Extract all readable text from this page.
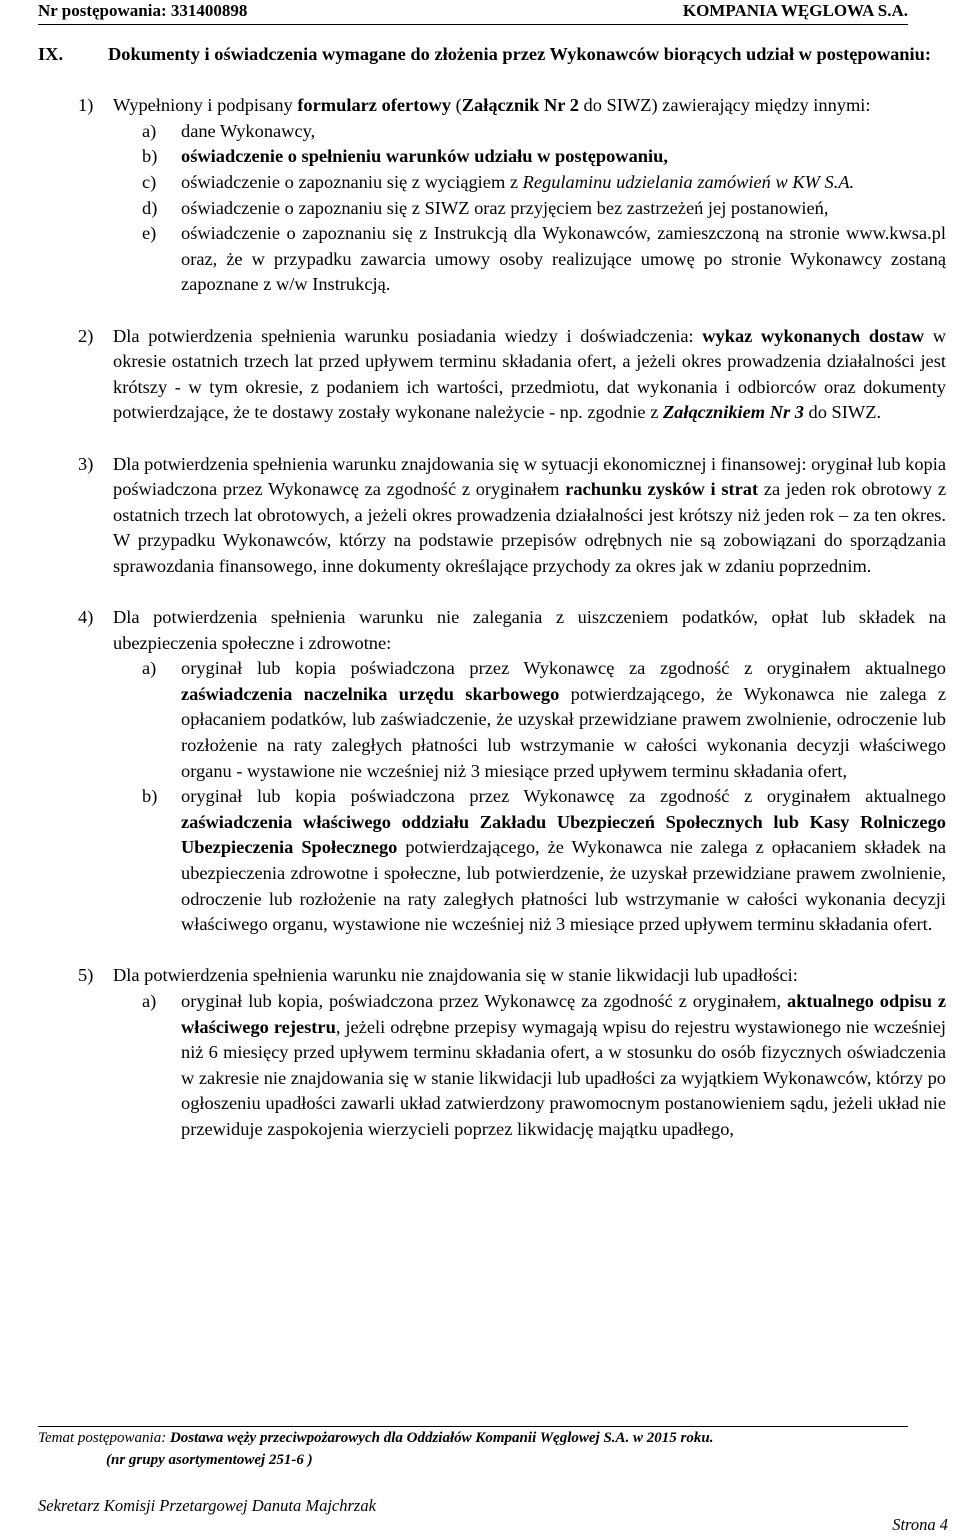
Nr postępowania: 331400898	KOMPANIA WĘGLOWA S.A.
IX. Dokumenty i oświadczenia wymagane do złożenia przez Wykonawców biorących udział w postępowaniu:
1) Wypełniony i podpisany formularz ofertowy (Załącznik Nr 2 do SIWZ) zawierający między innymi:
a) dane Wykonawcy,
b) oświadczenie o spełnieniu warunków udziału w postępowaniu,
c) oświadczenie o zapoznaniu się z wyciągiem z Regulaminu udzielania zamówień w KW S.A.
d) oświadczenie o zapoznaniu się z SIWZ oraz przyjęciem bez zastrzeżeń jej postanowień,
e) oświadczenie o zapoznaniu się z Instrukcją dla Wykonawców, zamieszczoną na stronie www.kwsa.pl oraz, że w przypadku zawarcia umowy osoby realizujące umowę po stronie Wykonawcy zostaną zapoznane z w/w Instrukcją.
2) Dla potwierdzenia spełnienia warunku posiadania wiedzy i doświadczenia: wykaz wykonanych dostaw w okresie ostatnich trzech lat przed upływem terminu składania ofert, a jeżeli okres prowadzenia działalności jest krótszy - w tym okresie, z podaniem ich wartości, przedmiotu, dat wykonania i odbiorców oraz dokumenty potwierdzające, że te dostawy zostały wykonane należycie - np. zgodnie z Załącznikiem Nr 3 do SIWZ.
3) Dla potwierdzenia spełnienia warunku znajdowania się w sytuacji ekonomicznej i finansowej: oryginał lub kopia poświadczona przez Wykonawcę za zgodność z oryginałem rachunku zysków i strat za jeden rok obrotowy z ostatnich trzech lat obrotowych, a jeżeli okres prowadzenia działalności jest krótszy niż jeden rok – za ten okres. W przypadku Wykonawców, którzy na podstawie przepisów odrębnych nie są zobowiązani do sporządzania sprawozdania finansowego, inne dokumenty określające przychody za okres jak w zdaniu poprzednim.
4) Dla potwierdzenia spełnienia warunku nie zalegania z uiszczeniem podatków, opłat lub składek na ubezpieczenia społeczne i zdrowotne:
a) oryginał lub kopia poświadczona przez Wykonawcę za zgodność z oryginałem aktualnego zaświadczenia naczelnika urzędu skarbowego potwierdzającego, że Wykonawca nie zalega z opłacaniem podatków, lub zaświadczenie, że uzyskał przewidziane prawem zwolnienie, odroczenie lub rozłożenie na raty zaległych płatności lub wstrzymanie w całości wykonania decyzji właściwego organu - wystawione nie wcześniej niż 3 miesiące przed upływem terminu składania ofert,
b) oryginał lub kopia poświadczona przez Wykonawcę za zgodność z oryginałem aktualnego zaświadczenia właściwego oddziału Zakładu Ubezpieczeń Społecznych lub Kasy Rolniczego Ubezpieczenia Społecznego potwierdzającego, że Wykonawca nie zalega z opłacaniem składek na ubezpieczenia zdrowotne i społeczne, lub potwierdzenie, że uzyskał przewidziane prawem zwolnienie, odroczenie lub rozłożenie na raty zaległych płatności lub wstrzymanie w całości wykonania decyzji właściwego organu, wystawione nie wcześniej niż 3 miesiące przed upływem terminu składania ofert.
5) Dla potwierdzenia spełnienia warunku nie znajdowania się w stanie likwidacji lub upadłości:
a) oryginał lub kopia, poświadczona przez Wykonawcę za zgodność z oryginałem, aktualnego odpisu z właściwego rejestru, jeżeli odrębne przepisy wymagają wpisu do rejestru wystawionego nie wcześniej niż 6 miesięcy przed upływem terminu składania ofert, a w stosunku do osób fizycznych oświadczenia w zakresie nie znajdowania się w stanie likwidacji lub upadłości za wyjątkiem Wykonawców, którzy po ogłoszeniu upadłości zawarli układ zatwierdzony prawomocnym postanowieniem sądu, jeżeli układ nie przewiduje zaspokojenia wierzycieli poprzez likwidację majątku upadłego,
Temat postępowania: Dostawa węży przeciwpożarowych dla Oddziałów Kompanii Węglowej S.A. w 2015 roku.
(nr grupy asortymentowej 251-6 )
Sekretarz Komisji Przetargowej Danuta Majchrzak
Strona 4
